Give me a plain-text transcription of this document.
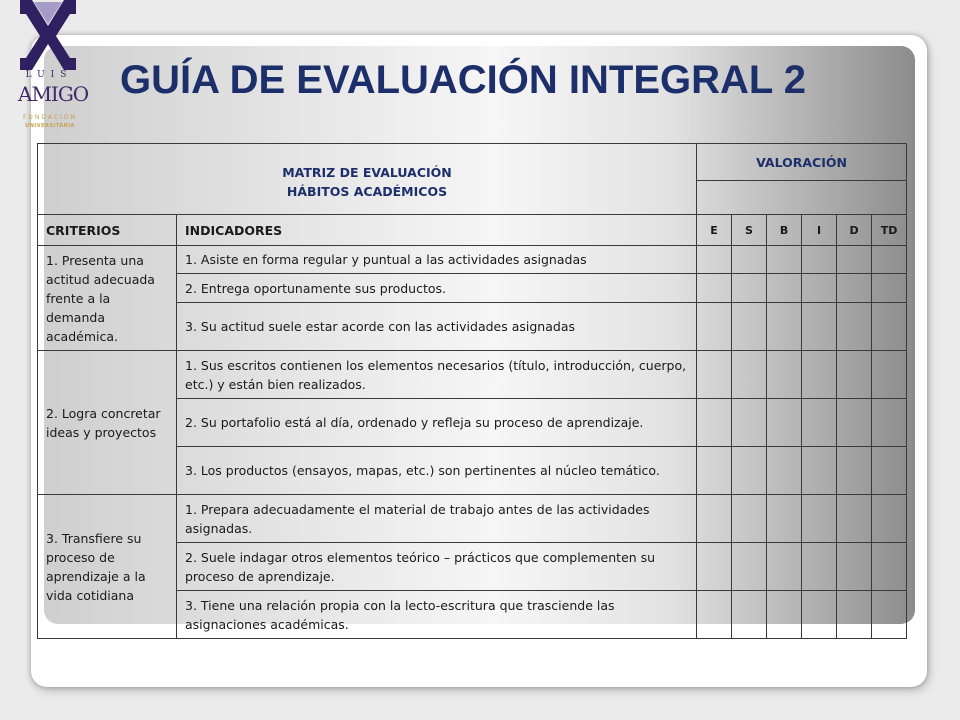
LUIS
AMIGO
FUNDACIÓN
UNIVERSITARIA
GUÍA DE EVALUACIÓN INTEGRAL 2
MATRIZ DE EVALUACIÓN
HÁBITOS ACADÉMICOS		VALORACIÓN					

CRITERIOS	INDICADORES	E	S	B	I	D	TD
1. Presenta una actitud adecuada frente a la demanda académica.	1. Asiste en forma regular y puntual a las actividades asignadas						
	2. Entrega oportunamente sus productos.						
	3. Su actitud suele estar acorde con las actividades asignadas						
2. Logra concretar ideas y proyectos	1. Sus escritos contienen los elementos necesarios (título, introducción, cuerpo, etc.) y están bien realizados.						
	2. Su portafolio está al día, ordenado y refleja su proceso de aprendizaje.						
	3. Los productos (ensayos, mapas, etc.) son pertinentes al núcleo temático.						
3. Transfiere su proceso de aprendizaje a la vida cotidiana	1. Prepara adecuadamente el material de trabajo antes de las actividades asignadas.						
	2. Suele indagar otros elementos teórico – prácticos que complementen su proceso de aprendizaje.						
	3. Tiene una relación propia con la lecto-escritura que trasciende las asignaciones académicas.						
